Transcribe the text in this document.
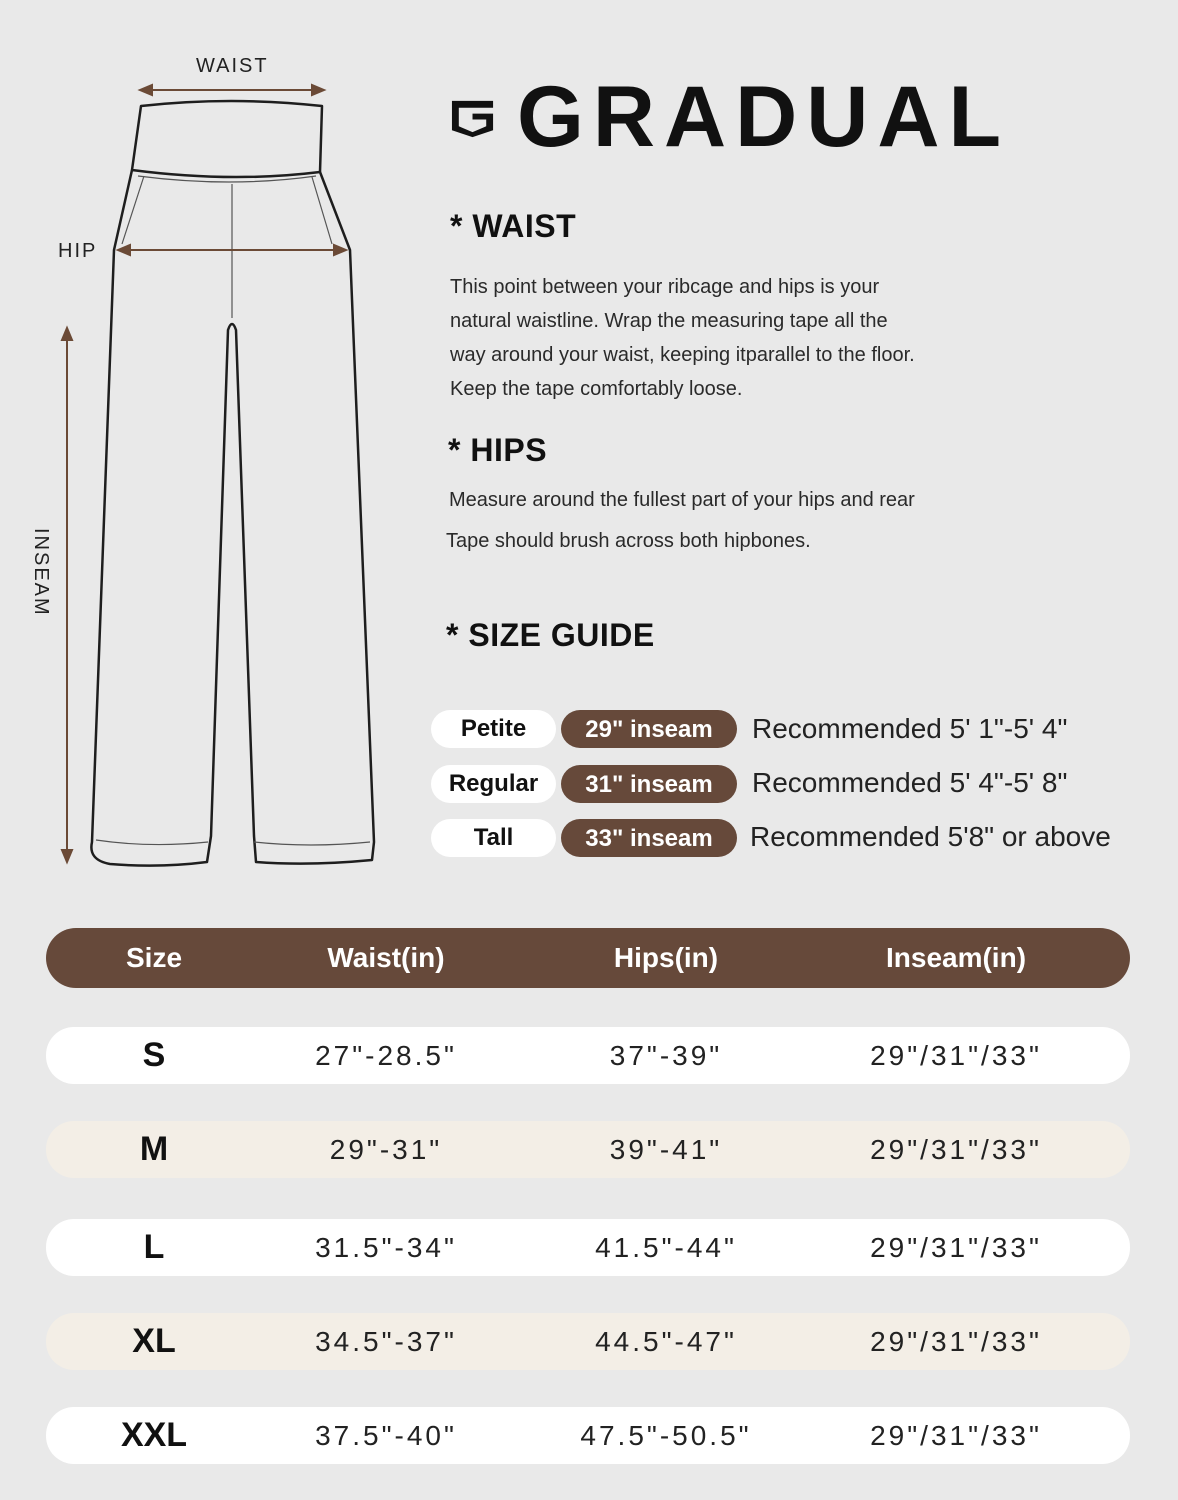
WAIST
HIP
INSEAM
GRADUAL
* WAIST
This point between your ribcage and hips is your
natural waistline. Wrap the measuring tape all the
way around your waist, keeping itparallel to the floor.
Keep the tape comfortably loose.
* HIPS
Measure around the fullest part of your hips and rear
Tape should brush across both hipbones.
* SIZE GUIDE
Petite	29" inseam	Recommended 5' 1"-5' 4"
Regular	31" inseam	Recommended 5' 4"-5' 8"
Tall	33" inseam	Recommended 5'8" or above
Size	Waist(in)	Hips(in)	Inseam(in)
S	27"-28.5"	37"-39"	29"/31"/33"
M	29"-31"	39"-41"	29"/31"/33"
L	31.5"-34"	41.5"-44"	29"/31"/33"
XL	34.5"-37"	44.5"-47"	29"/31"/33"
XXL	37.5"-40"	47.5"-50.5"	29"/31"/33"
